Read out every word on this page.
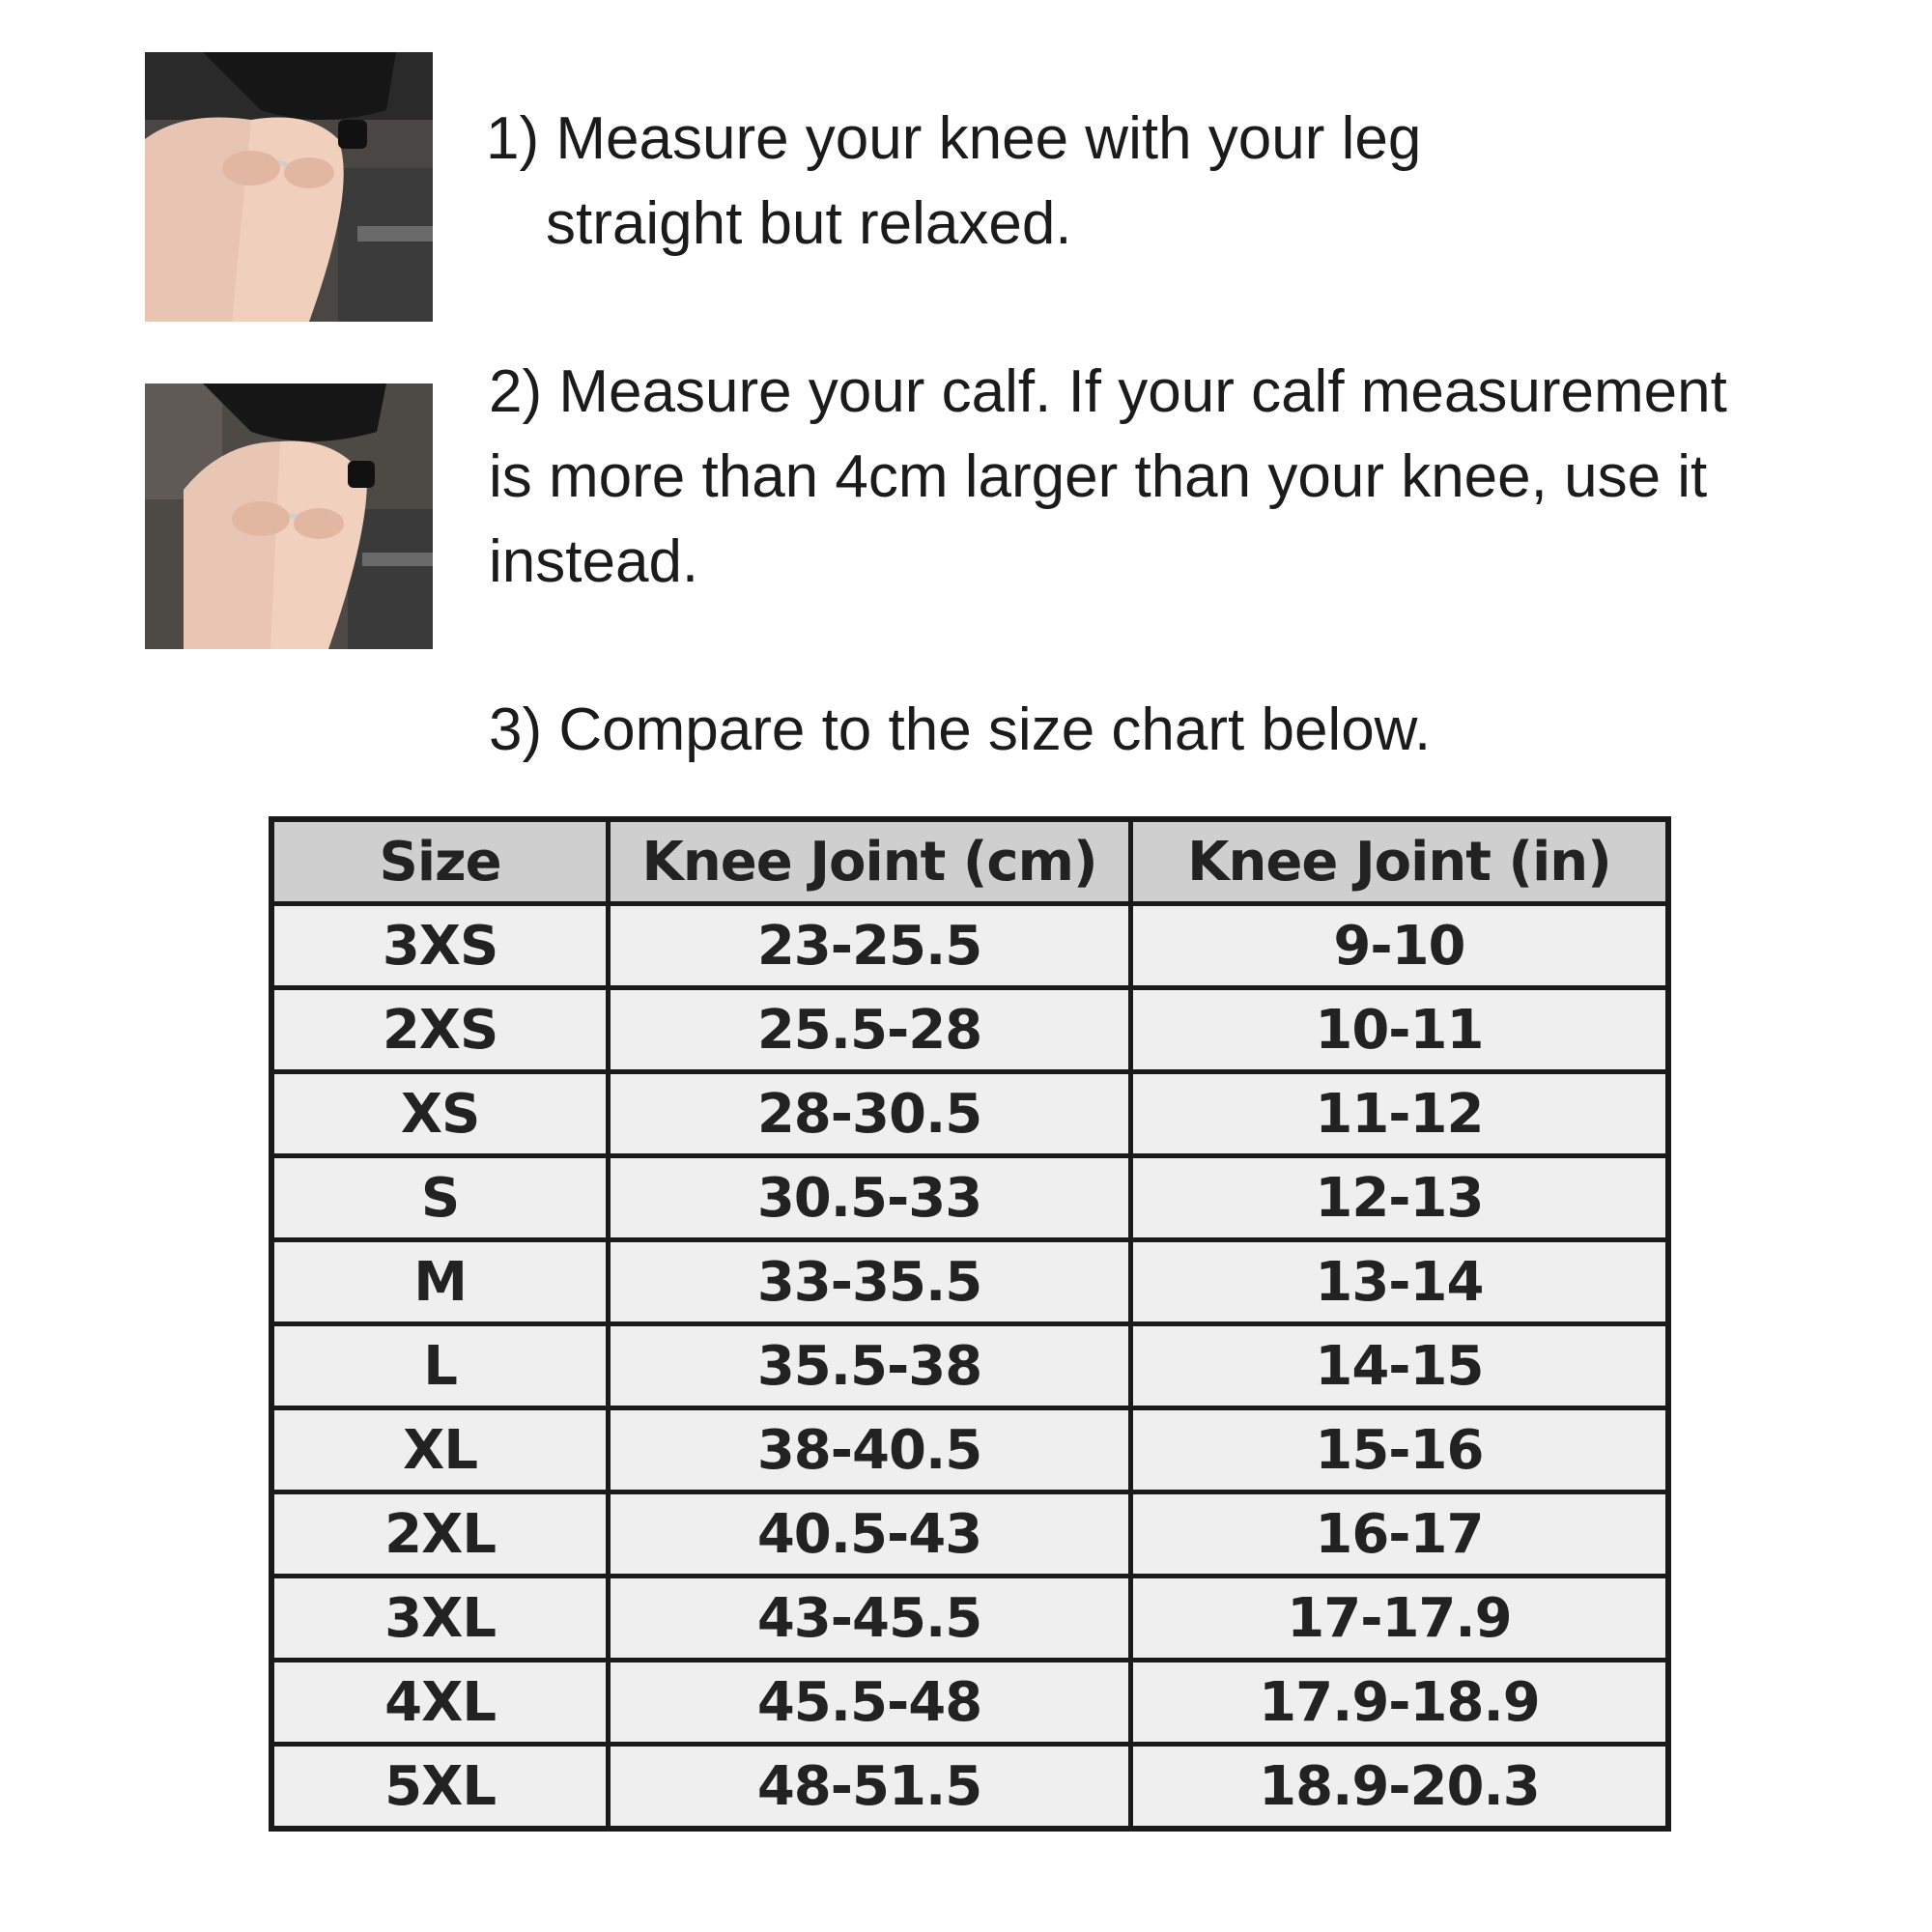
1) Measure your knee with your leg
straight but relaxed.
2) Measure your calf. If your calf measurement
is more than 4cm larger than your knee, use it
instead.
3) Compare to the size chart below.
Size	Knee Joint (cm)	Knee Joint (in)
3XS	23-25.5	9-10
2XS	25.5-28	10-11
XS	28-30.5	11-12
S	30.5-33	12-13
M	33-35.5	13-14
L	35.5-38	14-15
XL	38-40.5	15-16
2XL	40.5-43	16-17
3XL	43-45.5	17-17.9
4XL	45.5-48	17.9-18.9
5XL	48-51.5	18.9-20.3
